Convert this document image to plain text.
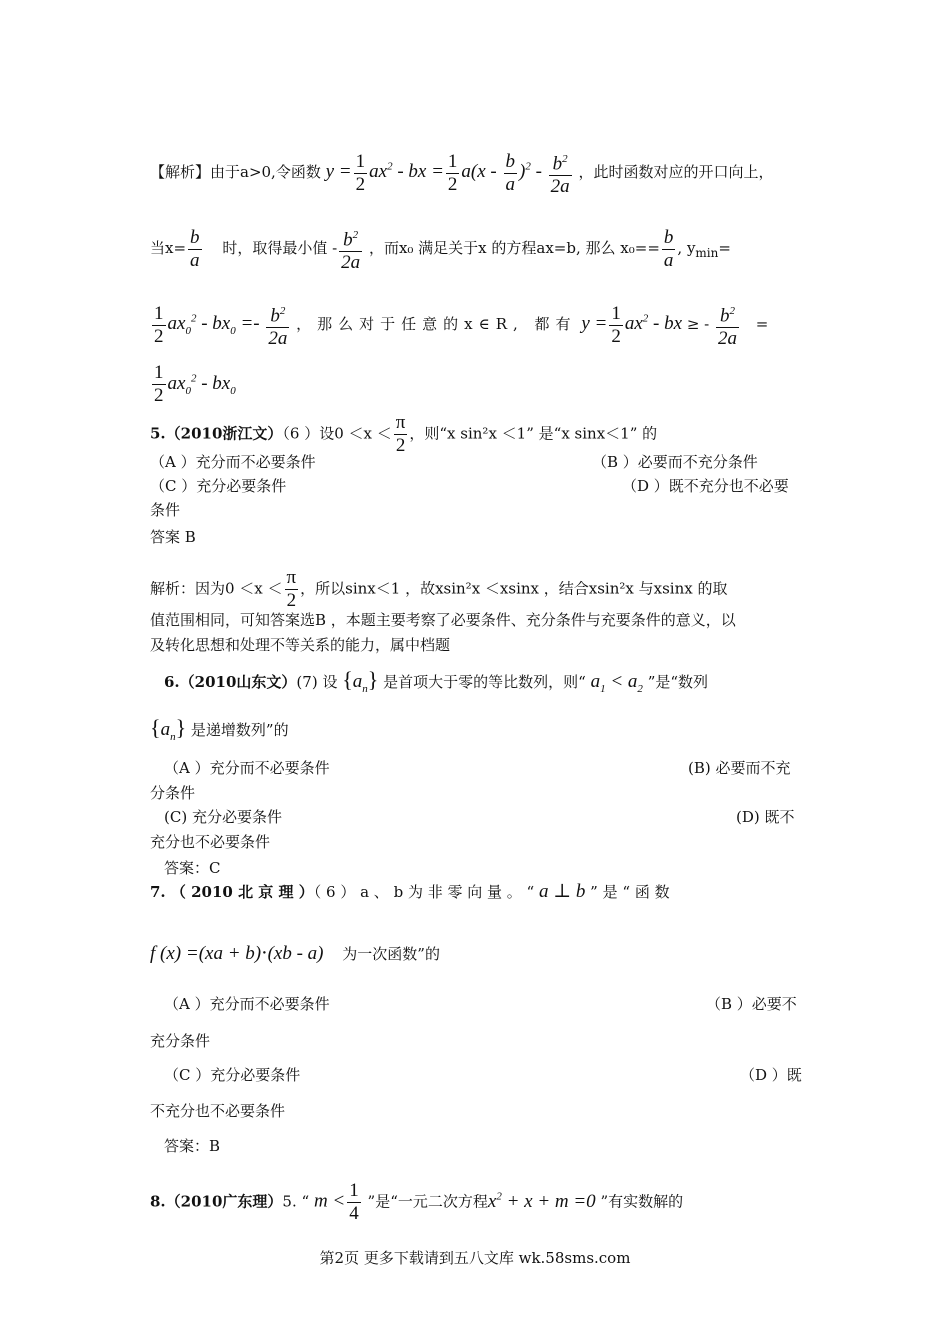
【解析】由于a>0,令函数 $y = \frac{1}{2} ax^2$ - bx = $\frac{1}{2} a(x - \frac{b}{a} )^2 - \frac{b^2}{2a}$ ，此时函数对应的开口向上，
当$x= \frac{b}{a}$ 时，取得最小值 - $\frac{b^2}{2a}$ ，而x₀ 满足关于x 的方程ax=b, 那么 $x_0== \frac{b}{a}$ , $y_{min}=$
$\frac{1}{2} ax_0^2 - bx_0 =- \frac{b^2}{2a}$ ，那么对于任意的x∈R, 都有 $y = \frac{1}{2} ax^2$ - bx ≥ - $\frac{b^2}{2a}$ =
$\frac{1}{2} ax_0^2 - bx_0$
5.（2010浙江文）（6 ）设$0 <x < \frac{\pi}{2}$ ，则“x sin²x ＜1” 是“x sinx＜1” 的
（A ）充分而不必要条件	（B ）必要而不充分条件
（C ）充分必要条件	（D ）既不充分也不必要
条件
答案 B
解析：因为$0 <x < \frac{\pi}{2}$ ，所以sinx＜1 ，故xsin²x ＜xsinx ，结合xsin²x 与xsinx 的取
值范围相同，可知答案选B ，本题主要考察了必要条件、充分条件与充要条件的意义，以
及转化思想和处理不等关系的能力，属中档题
6.（2010山东文）(7) 设 $\{a_n\}$ 是首项大于零的等比数列，则“ $a_1 < a_2$ ”是“数列
$\{a_n\}$ 是递增数列”的
（A ）充分而不必要条件	(B) 必要而不充
分条件
(C) 充分必要条件	(D) 既不
充分也不必要条件
答案：C
7. （ 2010 北 京 理 ）（ 6 ） a 、 b 为 非 零 向 量 。 “ a ⊥ b ” 是 “ 函 数
f (x) =(xa + b)⋅(xb - a) 为一次函数”的
（A ）充分而不必要条件	（B ）必要不
充分条件
（C ）充分必要条件	（D ）既
不充分也不必要条件
答案：B
8.（2010广东理）5. “ $m < \frac{1}{4}$ ”是“一元二次方程$x^2 + x + m =0$ ”有实数解的
第2页 更多下载请到五八文库 wk.58sms.com
